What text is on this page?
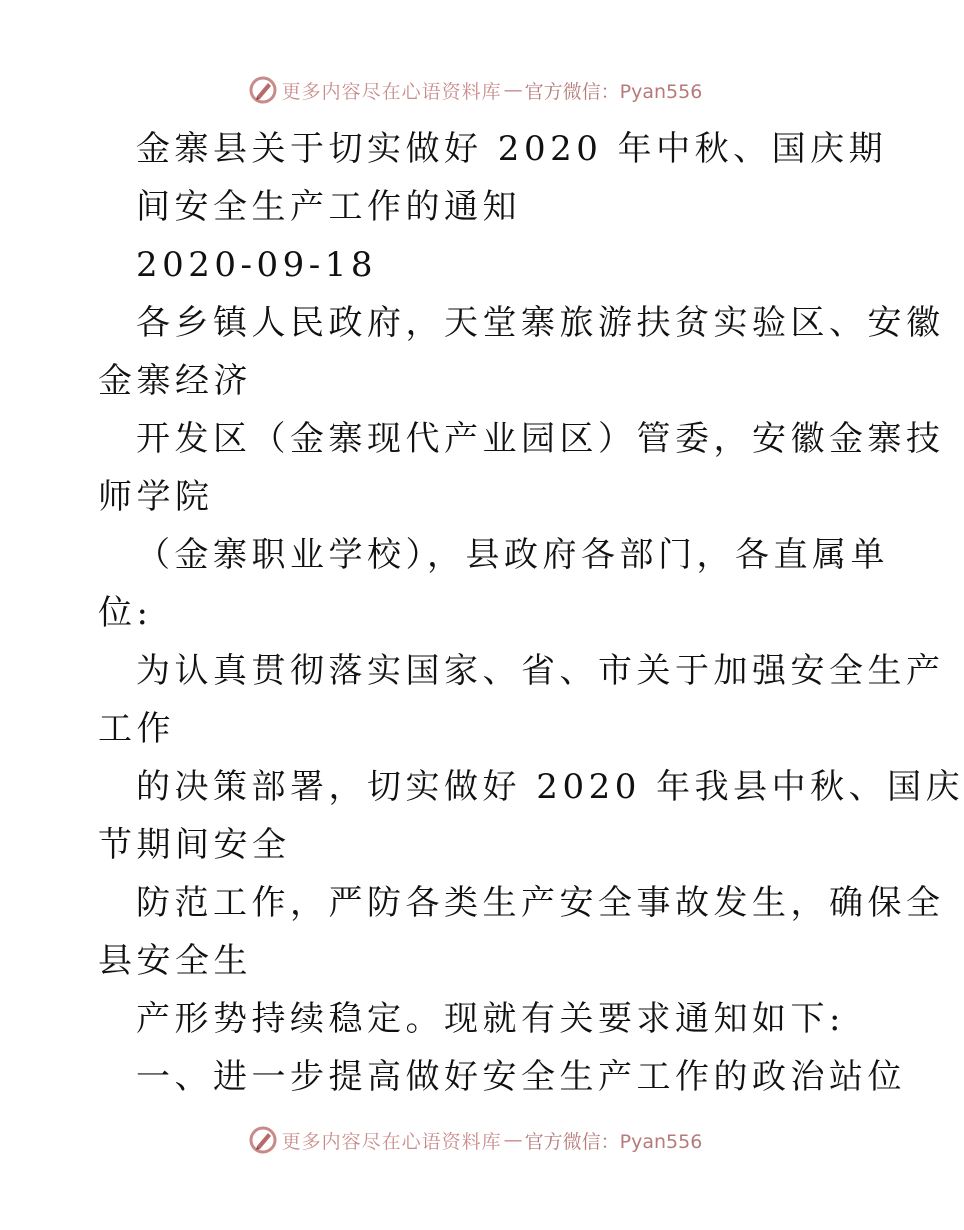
更多内容尽在心语资料库 — 官方微信：Pyan556
金寨县关于切实做好 2020 年中秋、国庆期
间安全生产工作的通知
2020-09-18
各乡镇人民政府，天堂寨旅游扶贫实验区、安徽
金寨经济
开发区（金寨现代产业园区）管委，安徽金寨技
师学院
（金寨职业学校），县政府各部门，各直属单
位:
为认真贯彻落实国家、省、市关于加强安全生产
工作
的决策部署，切实做好 2020 年我县中秋、国庆
节期间安全
防范工作，严防各类生产安全事故发生，确保全
县安全生
产形势持续稳定。现就有关要求通知如下:
一、进一步提高做好安全生产工作的政治站位
更多内容尽在心语资料库 — 官方微信：Pyan556
